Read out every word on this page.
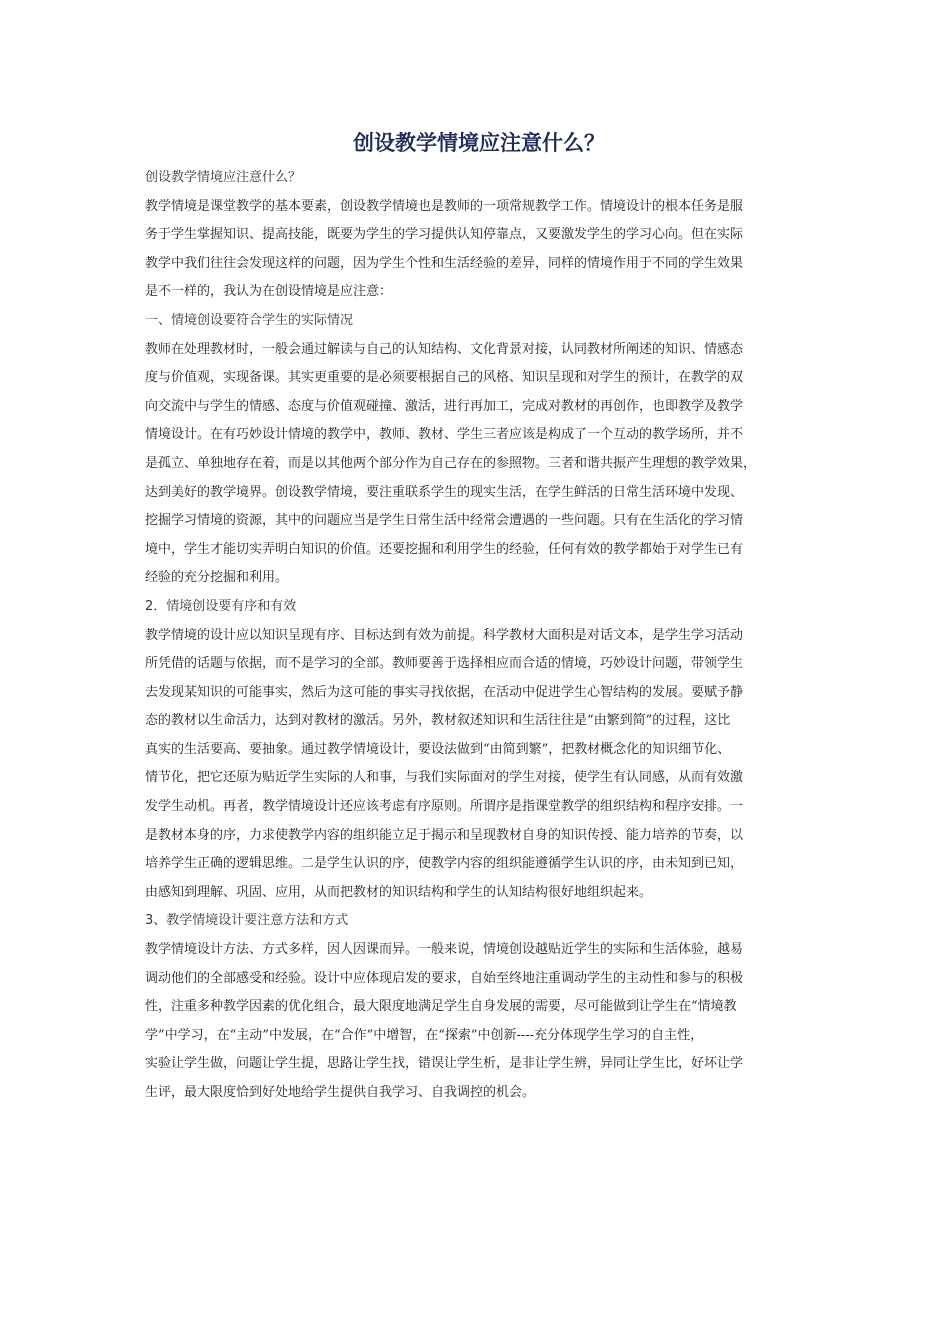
创设教学情境应注意什么？

创设教学情境应注意什么？

教学情境是课堂教学的基本要素，创设教学情境也是教师的一项常规教学工作。情境设计的根本任务是服

务于学生掌握知识、提高技能，既要为学生的学习提供认知停靠点，又要激发学生的学习心向。但在实际

教学中我们往往会发现这样的问题，因为学生个性和生活经验的差异，同样的情境作用于不同的学生效果

是不一样的，我认为在创设情境是应注意：

一、情境创设要符合学生的实际情况

教师在处理教材时，一般会通过解读与自己的认知结构、文化背景对接，认同教材所阐述的知识、情感态

度与价值观，实现备课。其实更重要的是必须要根据自己的风格、知识呈现和对学生的预计，在教学的双

向交流中与学生的情感、态度与价值观碰撞、激活，进行再加工，完成对教材的再创作，也即教学及教学

情境设计。在有巧妙设计情境的教学中，教师、教材、学生三者应该是构成了一个互动的教学场所，并不

是孤立、单独地存在着，而是以其他两个部分作为自己存在的参照物。三者和谐共振产生理想的教学效果，

达到美好的教学境界。创设教学情境，要注重联系学生的现实生活，在学生鲜活的日常生活环境中发现、

挖掘学习情境的资源，其中的问题应当是学生日常生活中经常会遭遇的一些问题。只有在生活化的学习情

境中，学生才能切实弄明白知识的价值。还要挖掘和利用学生的经验，任何有效的教学都始于对学生已有

经验的充分挖掘和利用。

2．情境创设要有序和有效

教学情境的设计应以知识呈现有序、目标达到有效为前提。科学教材大面积是对话文本，是学生学习活动

所凭借的话题与依据，而不是学习的全部。教师要善于选择相应而合适的情境，巧妙设计问题，带领学生

去发现某知识的可能事实，然后为这可能的事实寻找依据，在活动中促进学生心智结构的发展。要赋予静

态的教材以生命活力，达到对教材的激活。另外，教材叙述知识和生活往往是“由繁到简”的过程，这比

真实的生活要高、要抽象。通过教学情境设计，要设法做到“由简到繁”，把教材概念化的知识细节化、

情节化，把它还原为贴近学生实际的人和事，与我们实际面对的学生对接，使学生有认同感，从而有效激

发学生动机。再者，教学情境设计还应该考虑有序原则。所谓序是指课堂教学的组织结构和程序安排。一

是教材本身的序，力求使教学内容的组织能立足于揭示和呈现教材自身的知识传授、能力培养的节奏，以

培养学生正确的逻辑思维。二是学生认识的序，使教学内容的组织能遵循学生认识的序，由未知到已知，

由感知到理解、巩固、应用，从而把教材的知识结构和学生的认知结构很好地组织起来。

3、教学情境设计要注意方法和方式

教学情境设计方法、方式多样，因人因课而异。一般来说，情境创设越贴近学生的实际和生活体验，越易

调动他们的全部感受和经验。设计中应体现启发的要求，自始至终地注重调动学生的主动性和参与的积极

性，注重多种教学因素的优化组合，最大限度地满足学生自身发展的需要，尽可能做到让学生在“情境教

学”中学习，在“主动”中发展，在“合作”中增智，在“探索”中创新----充分体现学生学习的自主性，

实验让学生做，问题让学生提，思路让学生找，错误让学生析，是非让学生辨，异同让学生比，好坏让学

生评，最大限度恰到好处地给学生提供自我学习、自我调控的机会。
